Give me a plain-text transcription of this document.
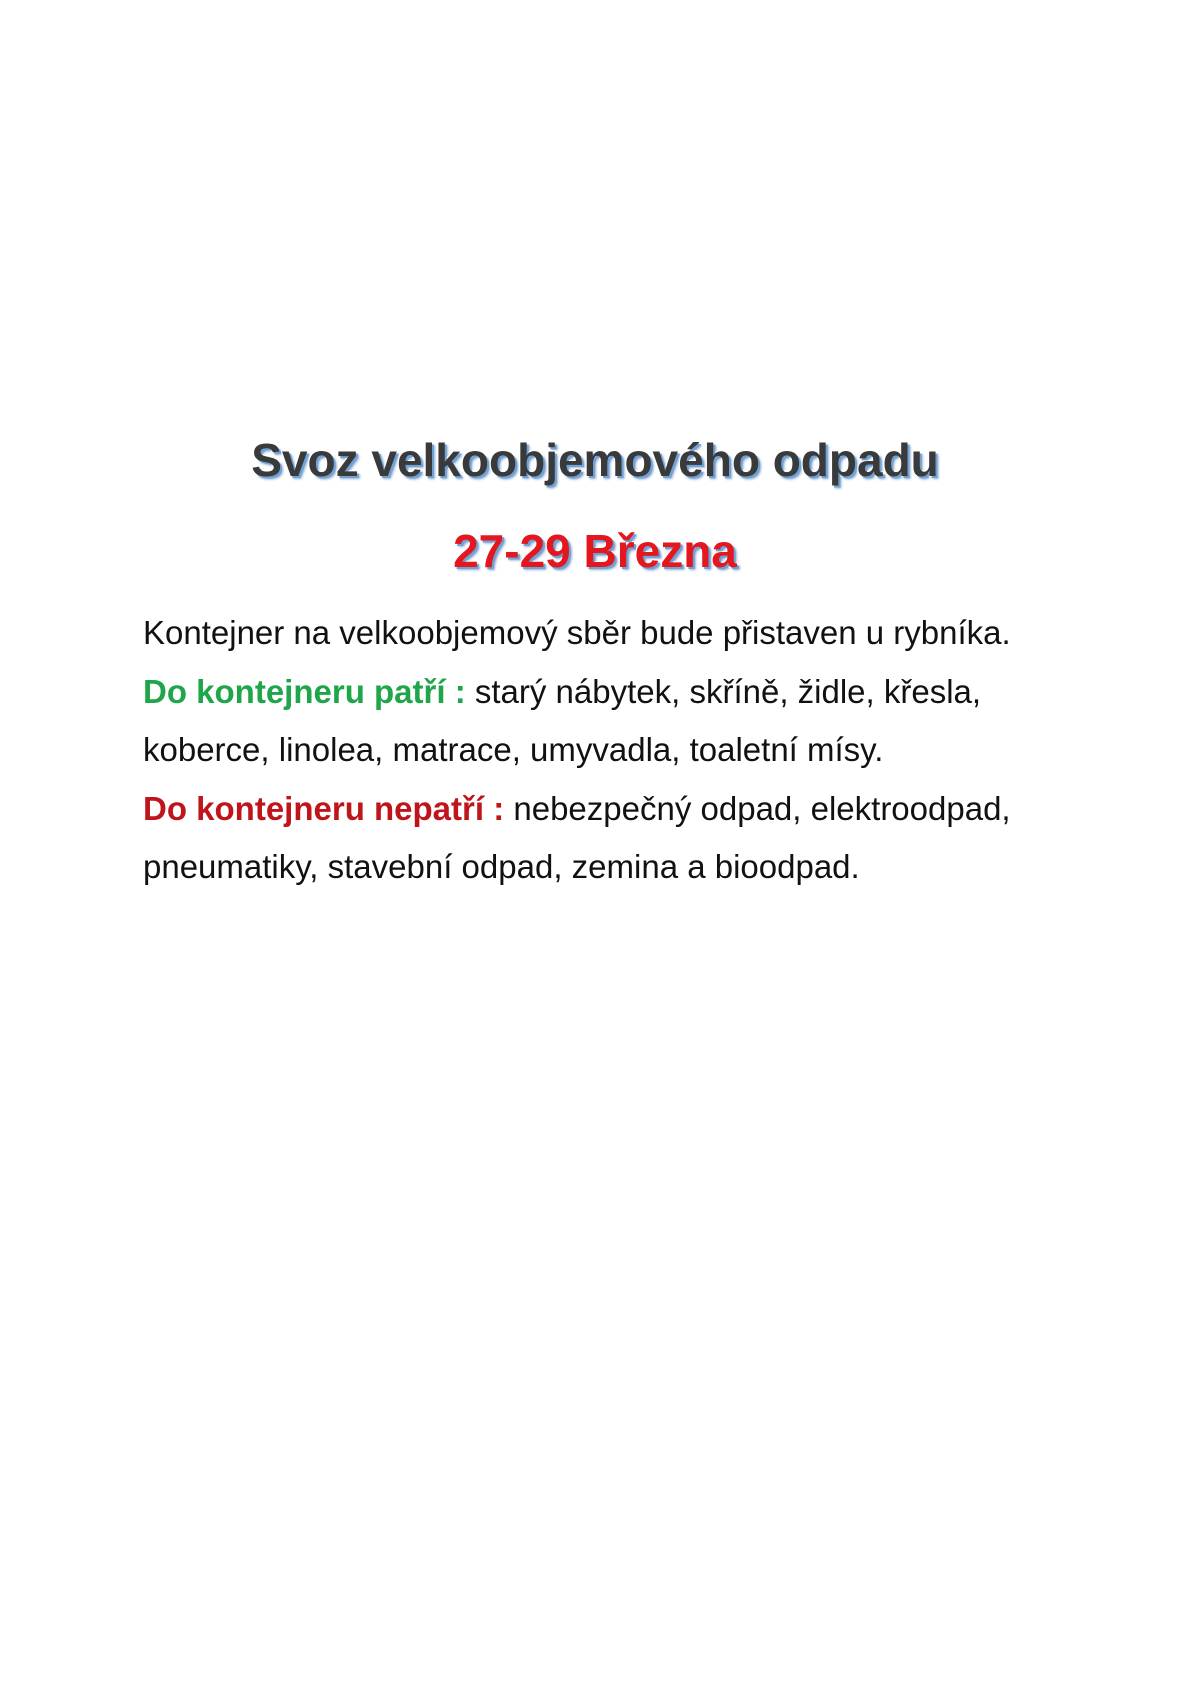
Svoz velkoobjemového odpadu
27-29 Března

Kontejner na velkoobjemový sběr bude přistaven u rybníka.

Do kontejneru patří : starý nábytek, skříně, židle, křesla, koberce, linolea, matrace, umyvadla, toaletní mísy.

Do kontejneru nepatří : nebezpečný odpad, elektroodpad, pneumatiky, stavební odpad, zemina a bioodpad.
